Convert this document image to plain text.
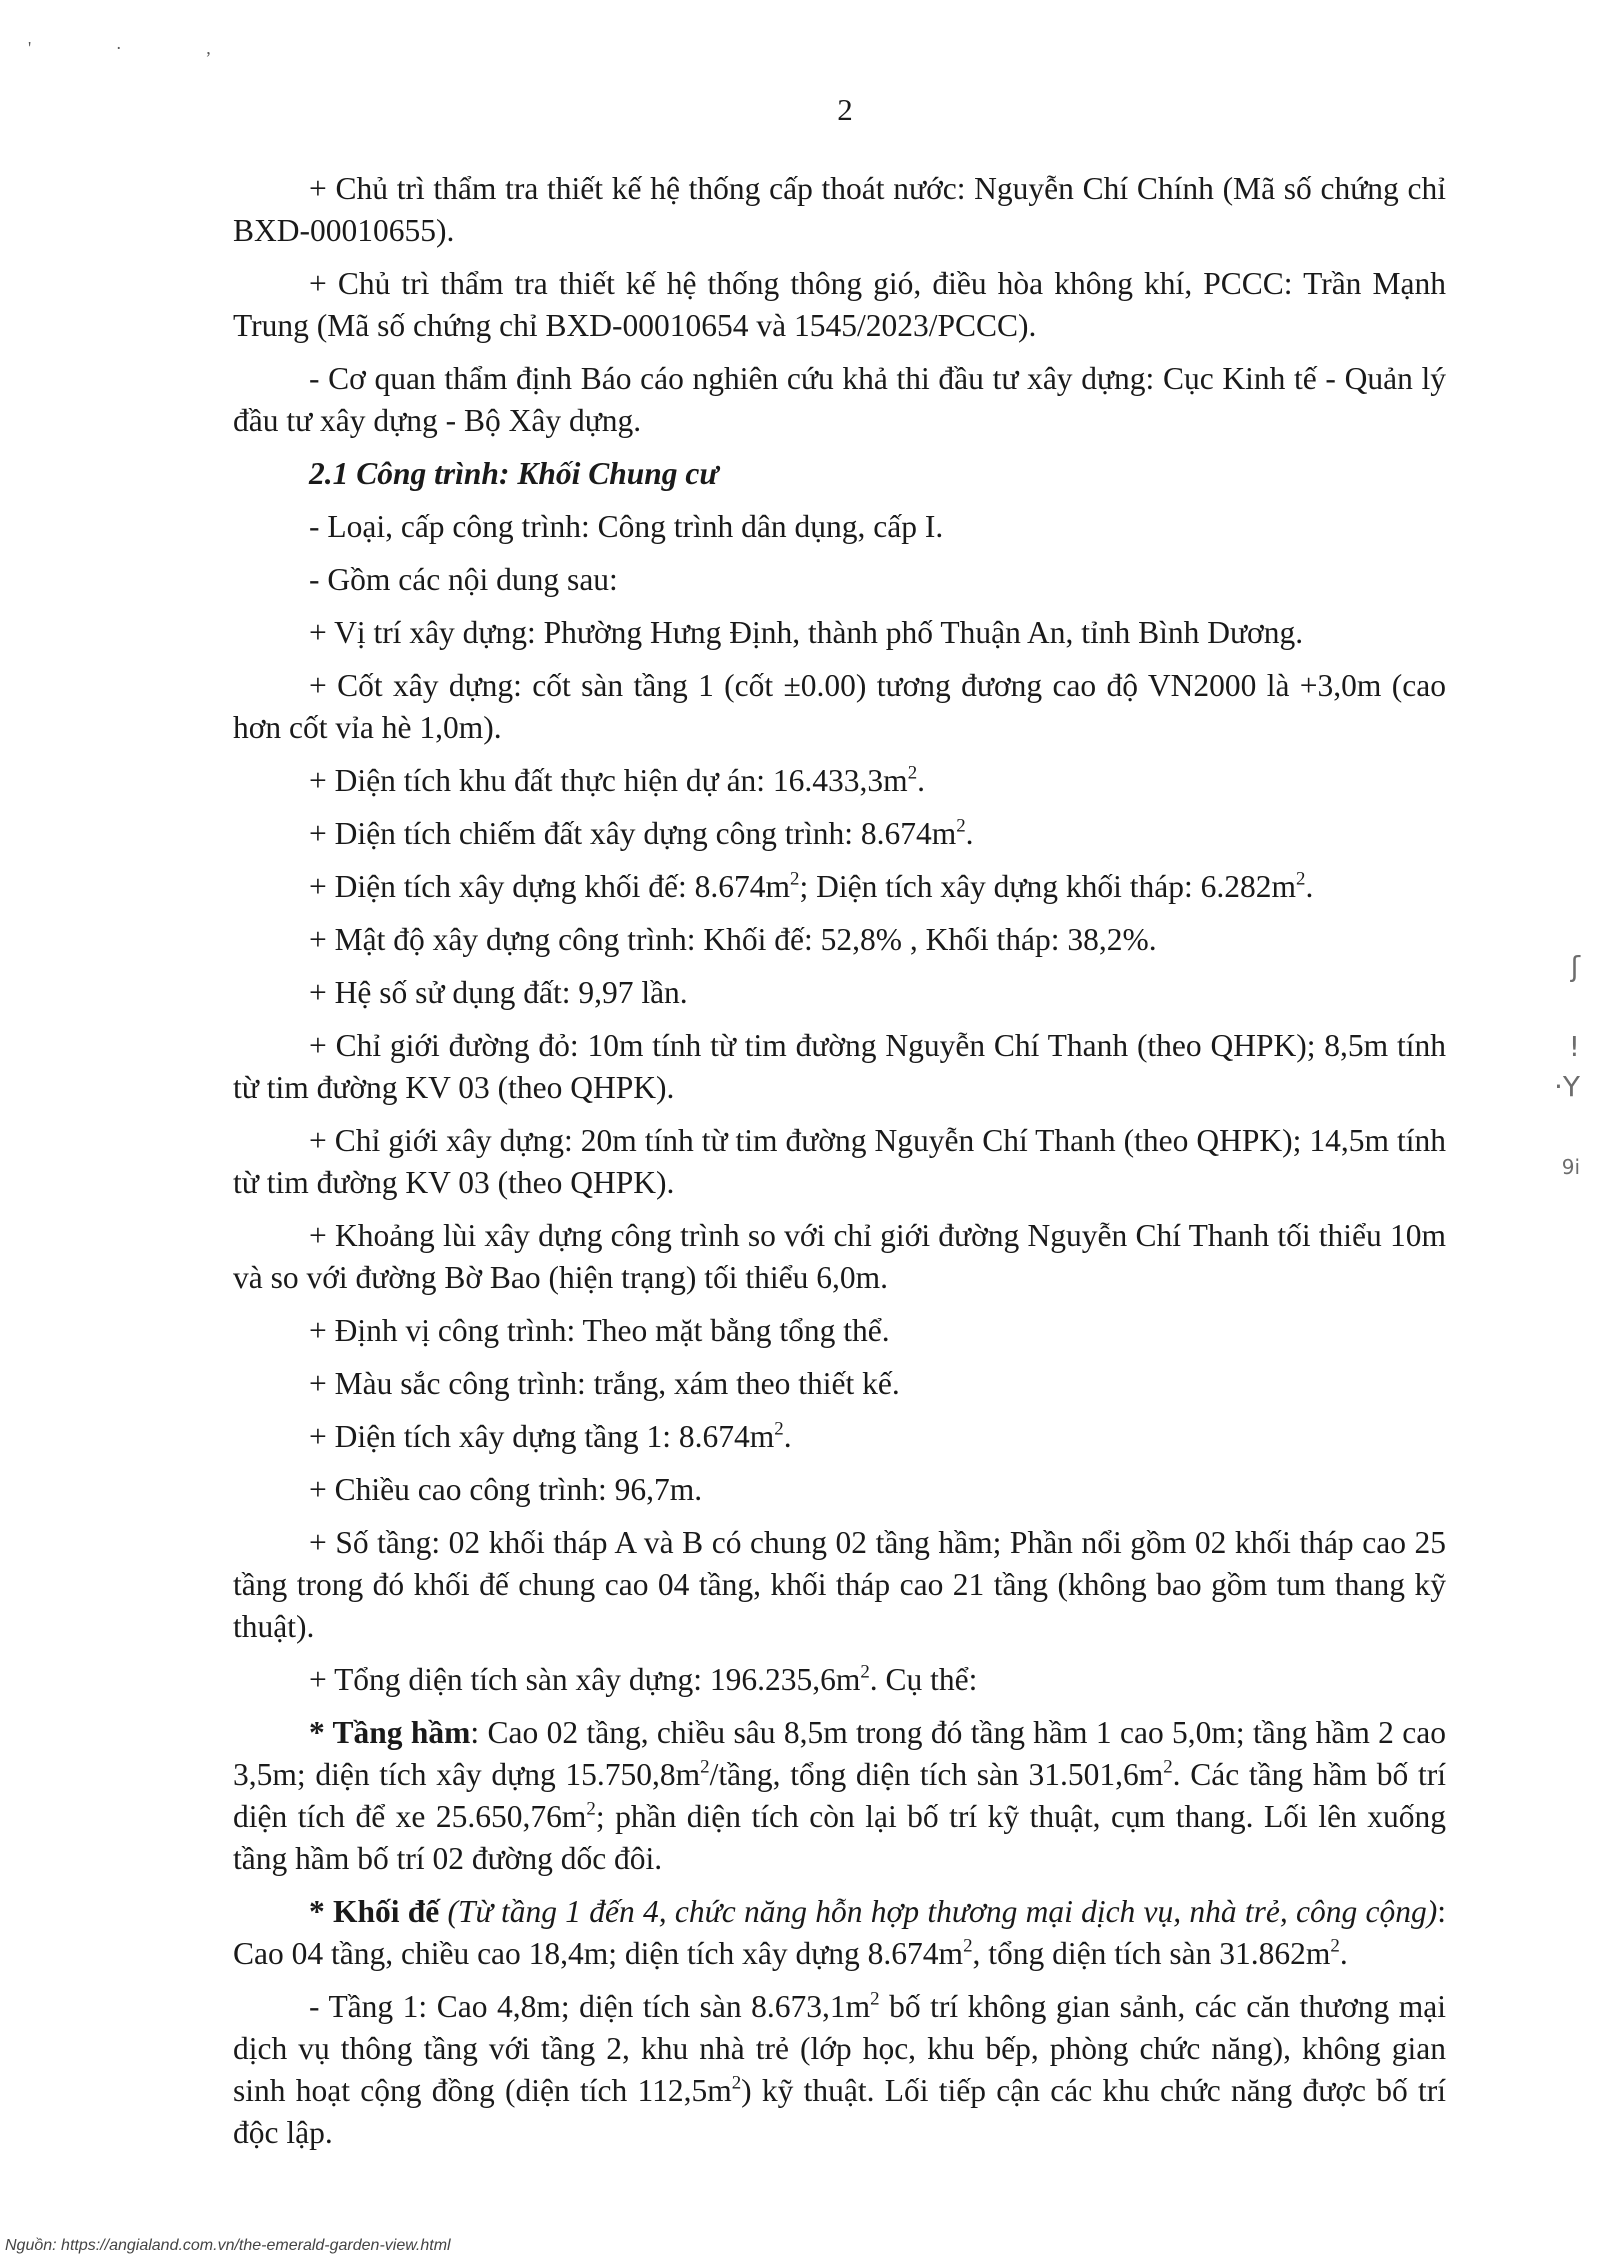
' · ,
2

+ Chủ trì thẩm tra thiết kế hệ thống cấp thoát nước: Nguyễn Chí Chính (Mã số chứng chỉ BXD-00010655).

+ Chủ trì thẩm tra thiết kế hệ thống thông gió, điều hòa không khí, PCCC: Trần Mạnh Trung (Mã số chứng chỉ BXD-00010654 và 1545/2023/PCCC).

- Cơ quan thẩm định Báo cáo nghiên cứu khả thi đầu tư xây dựng: Cục Kinh tế - Quản lý đầu tư xây dựng - Bộ Xây dựng.

2.1 Công trình: Khối Chung cư

- Loại, cấp công trình: Công trình dân dụng, cấp I.

- Gồm các nội dung sau:

+ Vị trí xây dựng: Phường Hưng Định, thành phố Thuận An, tỉnh Bình Dương.

+ Cốt xây dựng: cốt sàn tầng 1 (cốt ±0.00) tương đương cao độ VN2000 là +3,0m (cao hơn cốt vỉa hè 1,0m).

+ Diện tích khu đất thực hiện dự án: $16.433,3m^2$.

+ Diện tích chiếm đất xây dựng công trình: $8.674m^2$.

+ Diện tích xây dựng khối đế: $8.674m^2$; Diện tích xây dựng khối tháp: $6.282m^2$.

+ Mật độ xây dựng công trình: Khối đế: 52,8% , Khối tháp: 38,2%.

+ Hệ số sử dụng đất: 9,97 lần.

+ Chỉ giới đường đỏ: 10m tính từ tim đường Nguyễn Chí Thanh (theo QHPK); 8,5m tính từ tim đường KV 03 (theo QHPK).

+ Chỉ giới xây dựng: 20m tính từ tim đường Nguyễn Chí Thanh (theo QHPK); 14,5m tính từ tim đường KV 03 (theo QHPK).

+ Khoảng lùi xây dựng công trình so với chỉ giới đường Nguyễn Chí Thanh tối thiểu 10m và so với đường Bờ Bao (hiện trạng) tối thiểu 6,0m.

+ Định vị công trình: Theo mặt bằng tổng thể.

+ Màu sắc công trình: trắng, xám theo thiết kế.

+ Diện tích xây dựng tầng 1: $8.674m^2$.

+ Chiều cao công trình: 96,7m.

+ Số tầng: 02 khối tháp A và B có chung 02 tầng hầm; Phần nổi gồm 02 khối tháp cao 25 tầng trong đó khối đế chung cao 04 tầng, khối tháp cao 21 tầng (không bao gồm tum thang kỹ thuật).

+ Tổng diện tích sàn xây dựng: $196.235,6m^2$. Cụ thể:

* Tầng hầm: Cao 02 tầng, chiều sâu 8,5m trong đó tầng hầm 1 cao 5,0m; tầng hầm 2 cao 3,5m; diện tích xây dựng $15.750,8m^2$/tầng, tổng diện tích sàn $31.501,6m^2$. Các tầng hầm bố trí diện tích để xe $25.650,76m^2$; phần diện tích còn lại bố trí kỹ thuật, cụm thang. Lối lên xuống tầng hầm bố trí 02 đường dốc đôi.

* Khối đế (Từ tầng 1 đến 4, chức năng hỗn hợp thương mại dịch vụ, nhà trẻ, công cộng): Cao 04 tầng, chiều cao 18,4m; diện tích xây dựng $8.674m^2$, tổng diện tích sàn $31.862m^2$.

- Tầng 1: Cao 4,8m; diện tích sàn $8.673,1m^2$ bố trí không gian sảnh, các căn thương mại dịch vụ thông tầng với tầng 2, khu nhà trẻ (lớp học, khu bếp, phòng chức năng), không gian sinh hoạt cộng đồng (diện tích $112,5m^2$) kỹ thuật. Lối tiếp cận các khu chức năng được bố trí độc lập.

ʃ
!
·Y
9i
Nguồn: https://angialand.com.vn/the-emerald-garden-view.html
